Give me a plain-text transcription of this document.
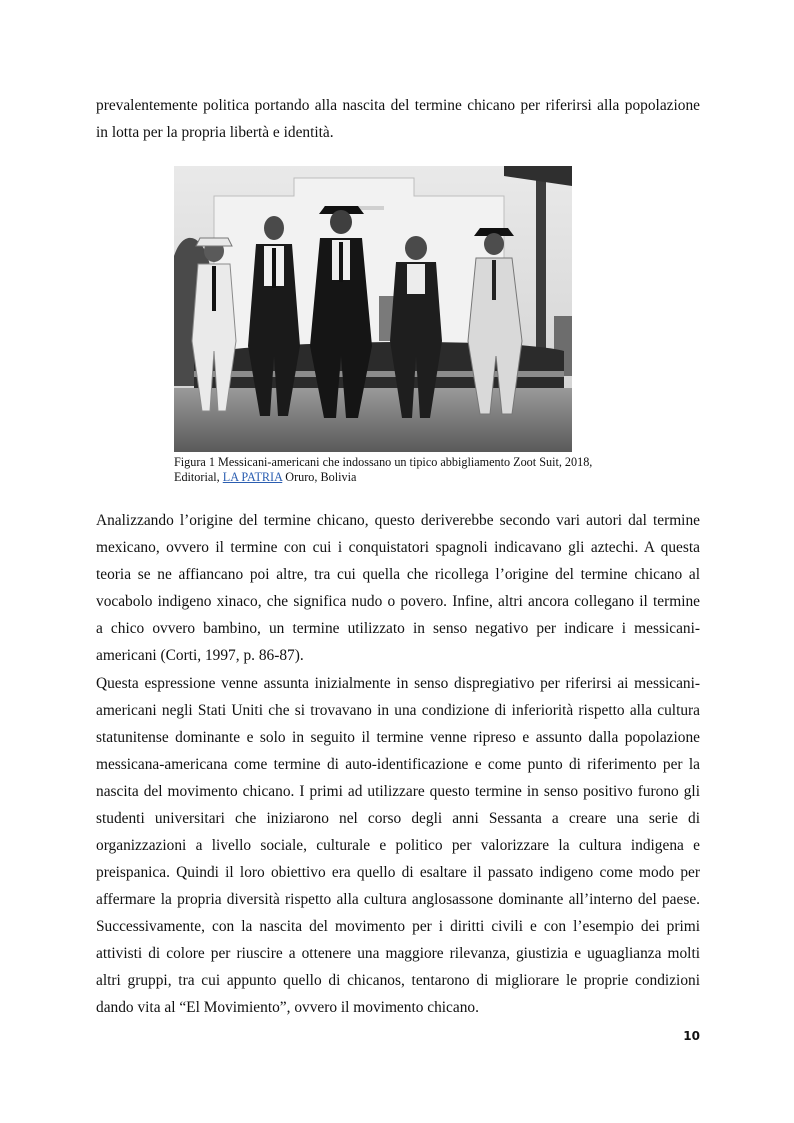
prevalentemente politica portando alla nascita del termine chicano per riferirsi alla popolazione
in lotta per la propria libertà e identità.
Figura 1 Messicani-americani che indossano un tipico abbigliamento Zoot Suit, 2018,
Editorial, LA PATRIA Oruro, Bolivia
Analizzando l’origine del termine chicano, questo deriverebbe secondo vari autori dal termine
mexicano, ovvero il termine con cui i conquistatori spagnoli indicavano gli aztechi. A questa
teoria se ne affiancano poi altre, tra cui quella che ricollega l’origine del termine chicano al
vocabolo indigeno xinaco, che significa nudo o povero. Infine, altri ancora collegano il termine
a chico ovvero bambino, un termine utilizzato in senso negativo per indicare i messicani-
americani (Corti, 1997, p. 86-87).
Questa espressione venne assunta inizialmente in senso dispregiativo per riferirsi ai messicani-
americani negli Stati Uniti che si trovavano in una condizione di inferiorità rispetto alla cultura
statunitense dominante e solo in seguito il termine venne ripreso e assunto dalla popolazione
messicana-americana come termine di auto-identificazione e come punto di riferimento per la
nascita del movimento chicano. I primi ad utilizzare questo termine in senso positivo furono gli
studenti universitari che iniziarono nel corso degli anni Sessanta a creare una serie di
organizzazioni a livello sociale, culturale e politico per valorizzare la cultura indigena e
preispanica. Quindi il loro obiettivo era quello di esaltare il passato indigeno come modo per
affermare la propria diversità rispetto alla cultura anglosassone dominante all’interno del paese.
Successivamente, con la nascita del movimento per i diritti civili e con l’esempio dei primi
attivisti di colore per riuscire a ottenere una maggiore rilevanza, giustizia e uguaglianza molti
altri gruppi, tra cui appunto quello di chicanos, tentarono di migliorare le proprie condizioni
dando vita al “El Movimiento”, ovvero il movimento chicano.
10
